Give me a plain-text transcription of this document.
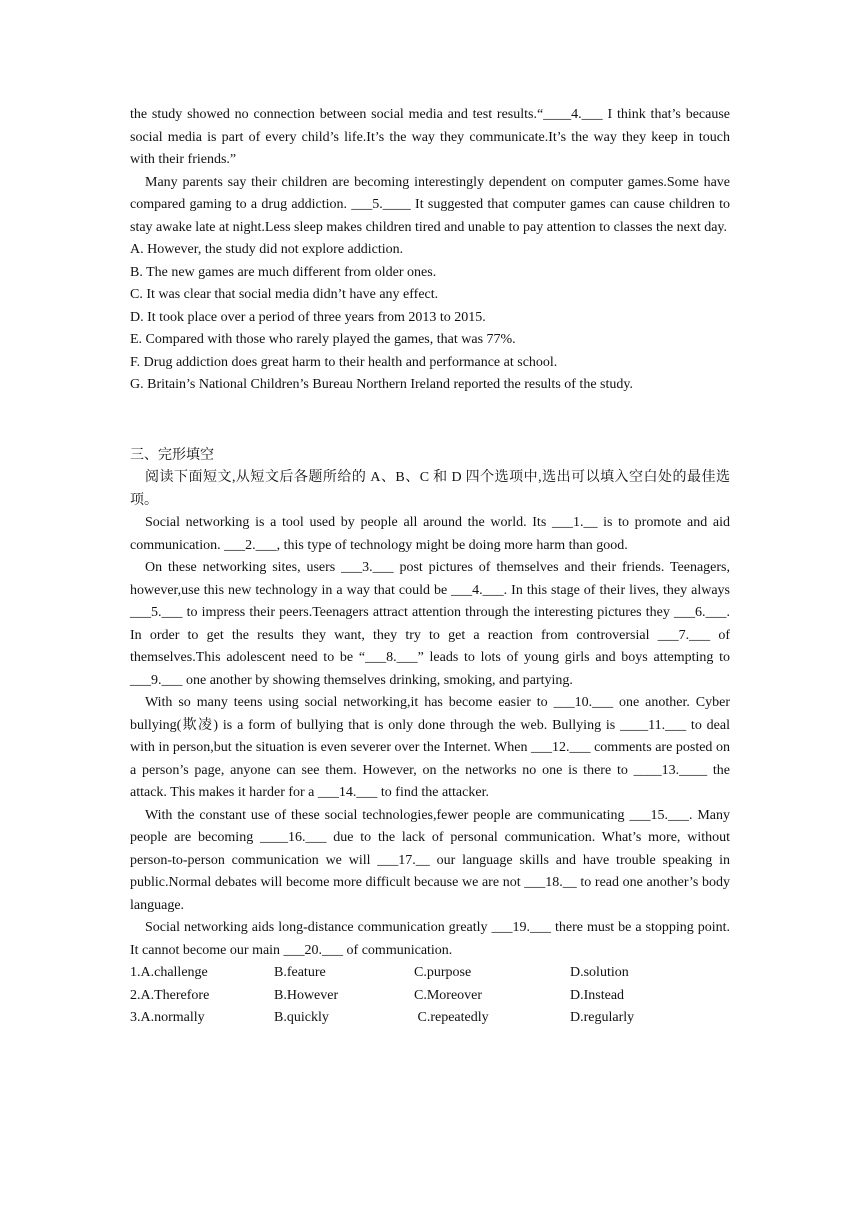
the study showed no connection between social media and test results.“____4.___ I think that’s because social media is part of every child’s life.It’s the way they communicate.It’s the way they keep in touch with their friends.”

Many parents say their children are becoming interestingly dependent on computer games.Some have compared gaming to a drug addiction. ___5.____ It suggested that computer games can cause children to stay awake late at night.Less sleep makes children tired and unable to pay attention to classes the next day.

A. However, the study did not explore addiction.

B. The new games are much different from older ones.

C. It was clear that social media didn’t have any effect.

D. It took place over a period of three years from 2013 to 2015.

E. Compared with those who rarely played the games, that was 77%.

F. Drug addiction does great harm to their health and performance at school.

G. Britain’s National Children’s Bureau Northern Ireland reported the results of the study.

三、完形填空

阅读下面短文,从短文后各题所给的 A、B、C 和 D 四个选项中,选出可以填入空白处的最佳选项。

Social networking is a tool used by people all around the world. Its ___1.__ is to promote and aid communication. ___2.___, this type of technology might be doing more harm than good.

On these networking sites, users ___3.___ post pictures of themselves and their friends. Teenagers, however,use this new technology in a way that could be ___4.___. In this stage of their lives, they always ___5.___ to impress their peers.Teenagers attract attention through the interesting pictures they ___6.___. In order to get the results they want, they try to get a reaction from controversial ___7.___ of themselves.This adolescent need to be “___8.___” leads to lots of young girls and boys attempting to ___9.___ one another by showing themselves drinking, smoking, and partying.

With so many teens using social networking,it has become easier to ___10.___ one another. Cyber bullying(欺凌) is a form of bullying that is only done through the web. Bullying is ____11.___ to deal with in person,but the situation is even severer over the Internet. When ___12.___ comments are posted on a person’s page, anyone can see them. However, on the networks no one is there to ____13.____ the attack. This makes it harder for a ___14.___ to find the attacker.

With the constant use of these social technologies,fewer people are communicating ___15.___. Many people are becoming ____16.___ due to the lack of personal communication. What’s more, without person-to-person communication we will ___17.__ our language skills and have trouble speaking in public.Normal debates will become more difficult because we are not ___18.__ to read one another’s body language.

Social networking aids long-distance communication greatly ___19.___ there must be a stopping point. It cannot become our main ___20.___ of communication.

1.A.challenge	B.feature	C.purpose	D.solution
2.A.Therefore	B.However	C.Moreover	D.Instead
3.A.normally	B.quickly	C.repeatedly	D.regularly
